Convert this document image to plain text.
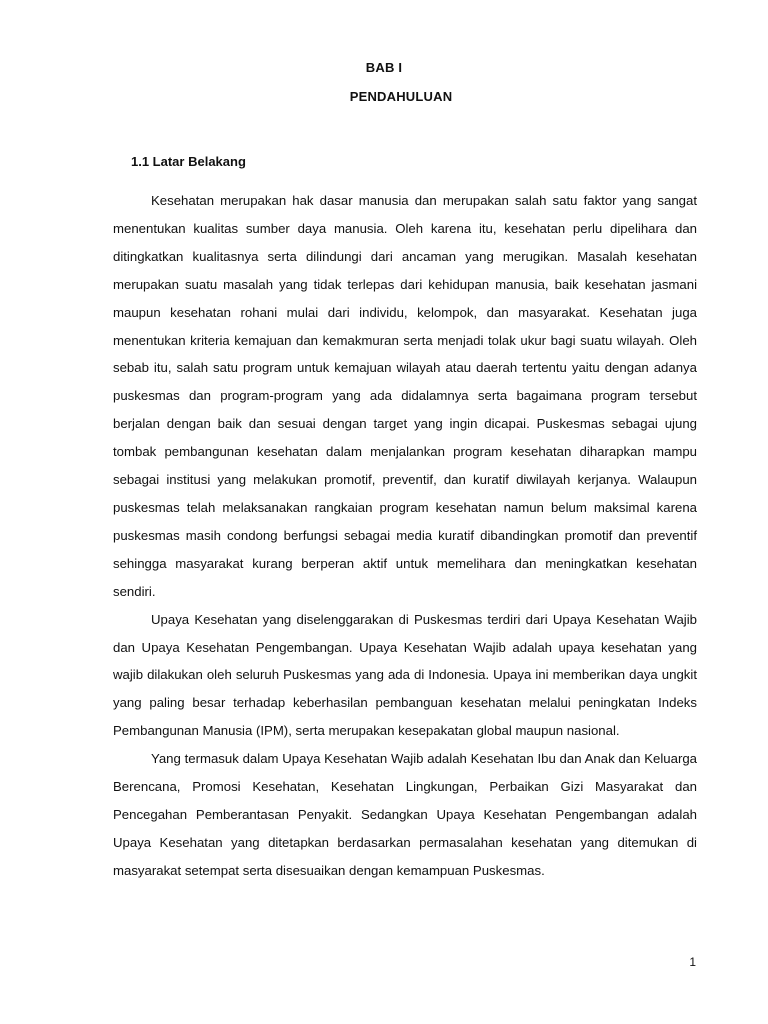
BAB I
PENDAHULUAN
1.1 Latar Belakang

Kesehatan merupakan hak dasar manusia dan merupakan salah satu faktor yang sangat menentukan kualitas sumber daya manusia. Oleh karena itu, kesehatan perlu dipelihara dan ditingkatkan kualitasnya serta dilindungi dari ancaman yang merugikan. Masalah kesehatan merupakan suatu masalah yang tidak terlepas dari kehidupan manusia, baik kesehatan jasmani maupun kesehatan rohani mulai dari individu, kelompok, dan masyarakat. Kesehatan juga menentukan kriteria kemajuan dan kemakmuran serta menjadi tolak ukur bagi suatu wilayah. Oleh sebab itu, salah satu program untuk kemajuan wilayah atau daerah tertentu yaitu dengan adanya puskesmas dan program-program yang ada didalamnya serta bagaimana program tersebut berjalan dengan baik dan sesuai dengan target yang ingin dicapai. Puskesmas sebagai ujung tombak pembangunan kesehatan dalam menjalankan program kesehatan diharapkan mampu sebagai institusi yang melakukan promotif, preventif, dan kuratif diwilayah kerjanya. Walaupun puskesmas telah melaksanakan rangkaian program kesehatan namun belum maksimal karena puskesmas masih condong berfungsi sebagai media kuratif dibandingkan promotif dan preventif sehingga masyarakat kurang berperan aktif untuk memelihara dan meningkatkan kesehatan sendiri.

Upaya Kesehatan yang diselenggarakan di Puskesmas terdiri dari Upaya Kesehatan Wajib dan Upaya Kesehatan Pengembangan. Upaya Kesehatan Wajib adalah upaya kesehatan yang wajib dilakukan oleh seluruh Puskesmas yang ada di Indonesia. Upaya ini memberikan daya ungkit yang paling besar terhadap keberhasilan pembanguan kesehatan melalui peningkatan Indeks Pembangunan Manusia (IPM), serta merupakan kesepakatan global maupun nasional.

Yang termasuk dalam Upaya Kesehatan Wajib adalah Kesehatan Ibu dan Anak dan Keluarga Berencana, Promosi Kesehatan, Kesehatan Lingkungan, Perbaikan Gizi Masyarakat dan Pencegahan Pemberantasan Penyakit. Sedangkan Upaya Kesehatan Pengembangan adalah Upaya Kesehatan yang ditetapkan berdasarkan permasalahan kesehatan yang ditemukan di masyarakat setempat serta disesuaikan dengan kemampuan Puskesmas.

1
